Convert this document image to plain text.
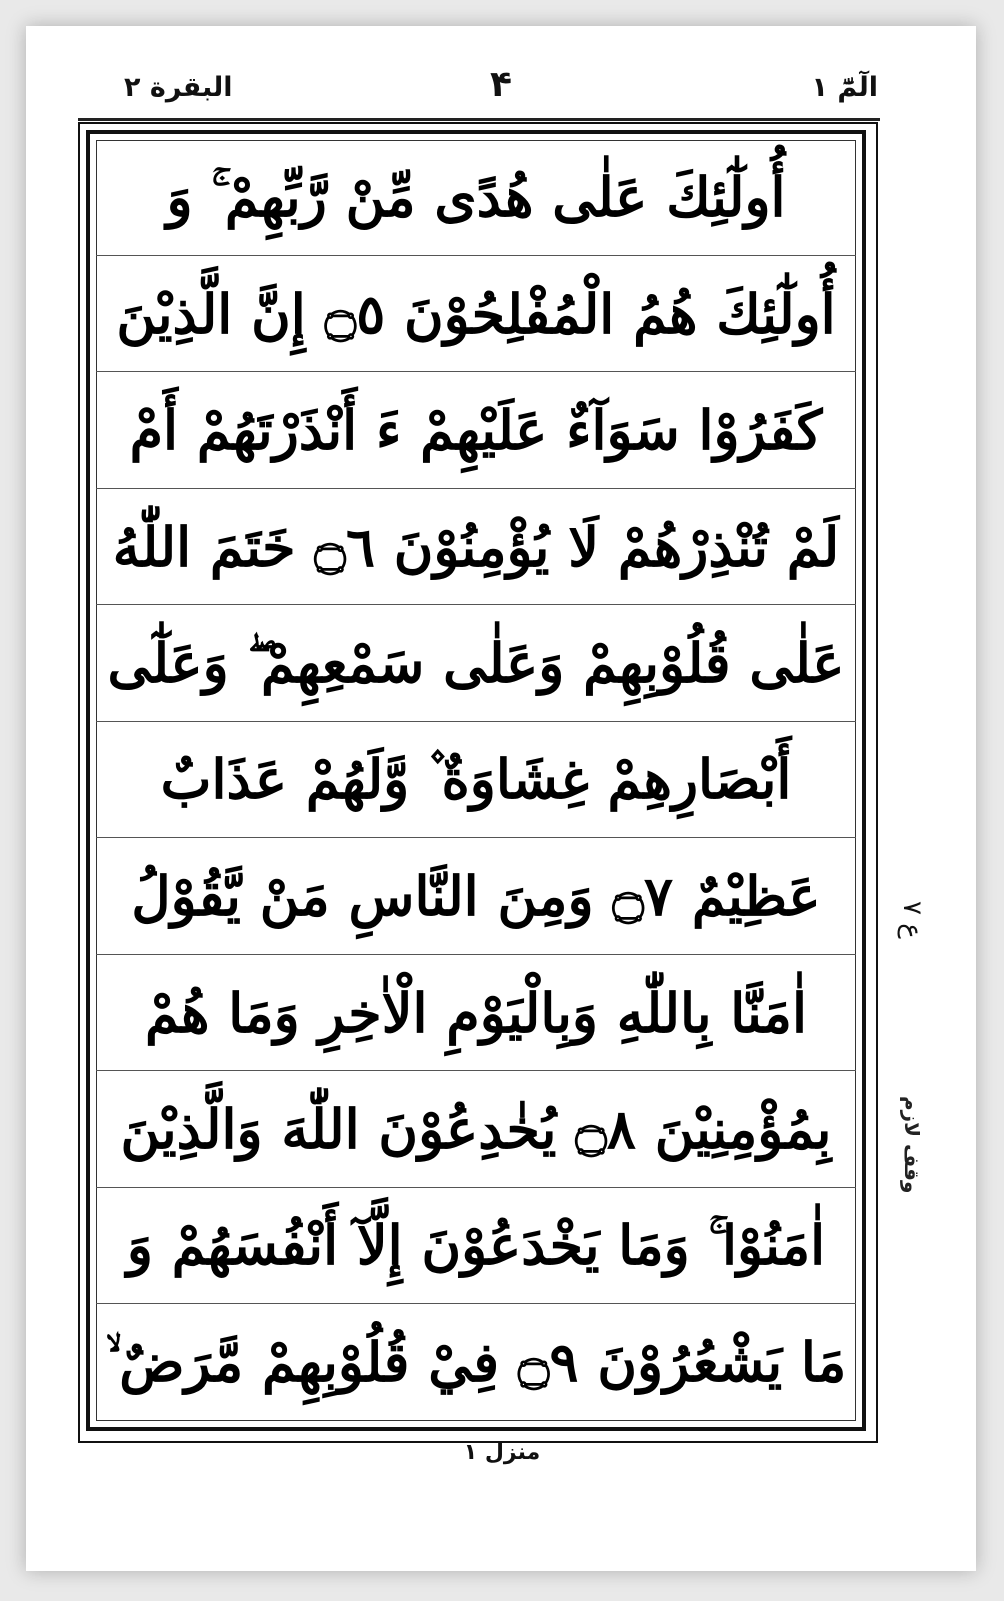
البقرة ٢	۴	الٓمّٓ ١
أُولٰٓئِكَ عَلٰى هُدًى مِّنْ رَّبِّهِمْ ۚ وَ
أُولٰٓئِكَ هُمُ الْمُفْلِحُوْنَ ۝٥ إِنَّ الَّذِيْنَ
كَفَرُوْا سَوَآءٌ عَلَيْهِمْ ءَ أَنْذَرْتَهُمْ أَمْ
لَمْ تُنْذِرْهُمْ لَا يُؤْمِنُوْنَ ۝٦ خَتَمَ اللّٰهُ
عَلٰى قُلُوْبِهِمْ وَعَلٰى سَمْعِهِمْ ۖ وَعَلٰٓى
أَبْصَارِهِمْ غِشَاوَةٌ ۫ وَّلَهُمْ عَذَابٌ
عَظِيْمٌ ۝٧ وَمِنَ النَّاسِ مَنْ يَّقُوْلُ
اٰمَنَّا بِاللّٰهِ وَبِالْيَوْمِ الْاٰخِرِ وَمَا هُمْ
بِمُؤْمِنِيْنَ ۝٨ يُخٰدِعُوْنَ اللّٰهَ وَالَّذِيْنَ
اٰمَنُوْا ۚ وَمَا يَخْدَعُوْنَ إِلَّآ أَنْفُسَهُمْ وَ
مَا يَشْعُرُوْنَ ۝٩ فِيْ قُلُوْبِهِمْ مَّرَضٌ ۙ
ع ٧
وقف لازم
منزل ١
